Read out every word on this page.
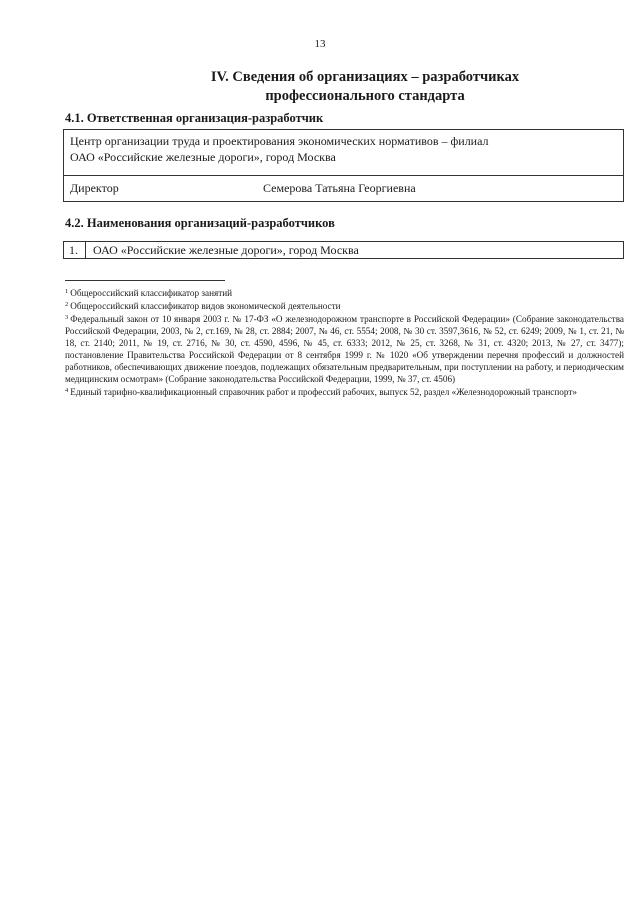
13
IV. Сведения об организациях – разработчиках
профессионального стандарта
4.1. Ответственная организация-разработчик
Центр организации труда и проектирования экономических нормативов – филиал
ОАО «Российские железные дороги», город Москва
Директор	Семерова Татьяна Георгиевна
4.2. Наименования организаций-разработчиков
1.	ОАО «Российские железные дороги», город Москва

$^1$ Общероссийский классификатор занятий

$^2$ Общероссийский классификатор видов экономической деятельности

$^3$ Федеральный закон от 10 января 2003 г. № 17-ФЗ «О железнодорожном транспорте в Российской Федерации» (Собрание законодательства Российской Федерации, 2003, № 2, ст.169, № 28, ст. 2884; 2007, № 46, ст. 5554; 2008, № 30 ст. 3597,3616, № 52, ст. 6249; 2009, № 1, ст. 21, № 18, ст. 2140; 2011, № 19, ст. 2716, № 30, ст. 4590, 4596, № 45, ст. 6333; 2012, № 25, ст. 3268, № 31, ст. 4320; 2013, № 27, ст. 3477); постановление Правительства Российской Федерации от 8 сентября 1999 г. № 1020 «Об утверждении перечня профессий и должностей работников, обеспечивающих движение поездов, подлежащих обязательным предварительным, при поступлении на работу, и периодическим медицинским осмотрам» (Собрание законодательства Российской Федерации, 1999, № 37, ст. 4506)

$^4$ Единый тарифно-квалификационный справочник работ и профессий рабочих, выпуск 52, раздел «Железнодорожный транспорт»
